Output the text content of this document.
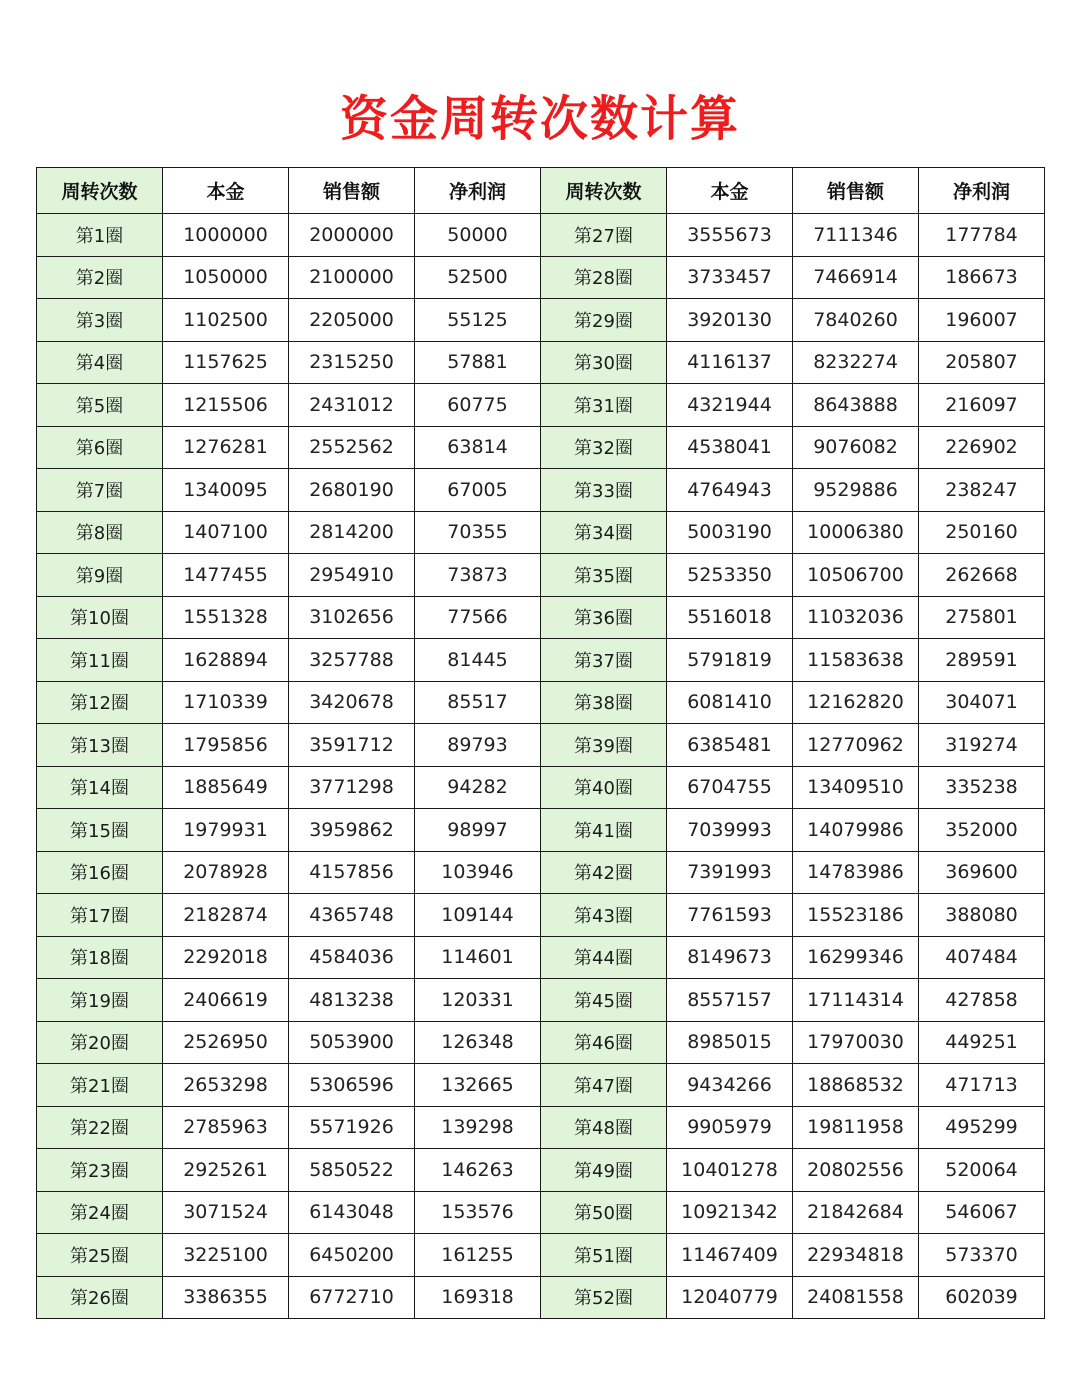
资金周转次数计算
周转次数	本金	销售额	净利润	周转次数	本金	销售额	净利润
第1圈	1000000	2000000	50000	第27圈	3555673	7111346	177784
第2圈	1050000	2100000	52500	第28圈	3733457	7466914	186673
第3圈	1102500	2205000	55125	第29圈	3920130	7840260	196007
第4圈	1157625	2315250	57881	第30圈	4116137	8232274	205807
第5圈	1215506	2431012	60775	第31圈	4321944	8643888	216097
第6圈	1276281	2552562	63814	第32圈	4538041	9076082	226902
第7圈	1340095	2680190	67005	第33圈	4764943	9529886	238247
第8圈	1407100	2814200	70355	第34圈	5003190	10006380	250160
第9圈	1477455	2954910	73873	第35圈	5253350	10506700	262668
第10圈	1551328	3102656	77566	第36圈	5516018	11032036	275801
第11圈	1628894	3257788	81445	第37圈	5791819	11583638	289591
第12圈	1710339	3420678	85517	第38圈	6081410	12162820	304071
第13圈	1795856	3591712	89793	第39圈	6385481	12770962	319274
第14圈	1885649	3771298	94282	第40圈	6704755	13409510	335238
第15圈	1979931	3959862	98997	第41圈	7039993	14079986	352000
第16圈	2078928	4157856	103946	第42圈	7391993	14783986	369600
第17圈	2182874	4365748	109144	第43圈	7761593	15523186	388080
第18圈	2292018	4584036	114601	第44圈	8149673	16299346	407484
第19圈	2406619	4813238	120331	第45圈	8557157	17114314	427858
第20圈	2526950	5053900	126348	第46圈	8985015	17970030	449251
第21圈	2653298	5306596	132665	第47圈	9434266	18868532	471713
第22圈	2785963	5571926	139298	第48圈	9905979	19811958	495299
第23圈	2925261	5850522	146263	第49圈	10401278	20802556	520064
第24圈	3071524	6143048	153576	第50圈	10921342	21842684	546067
第25圈	3225100	6450200	161255	第51圈	11467409	22934818	573370
第26圈	3386355	6772710	169318	第52圈	12040779	24081558	602039
